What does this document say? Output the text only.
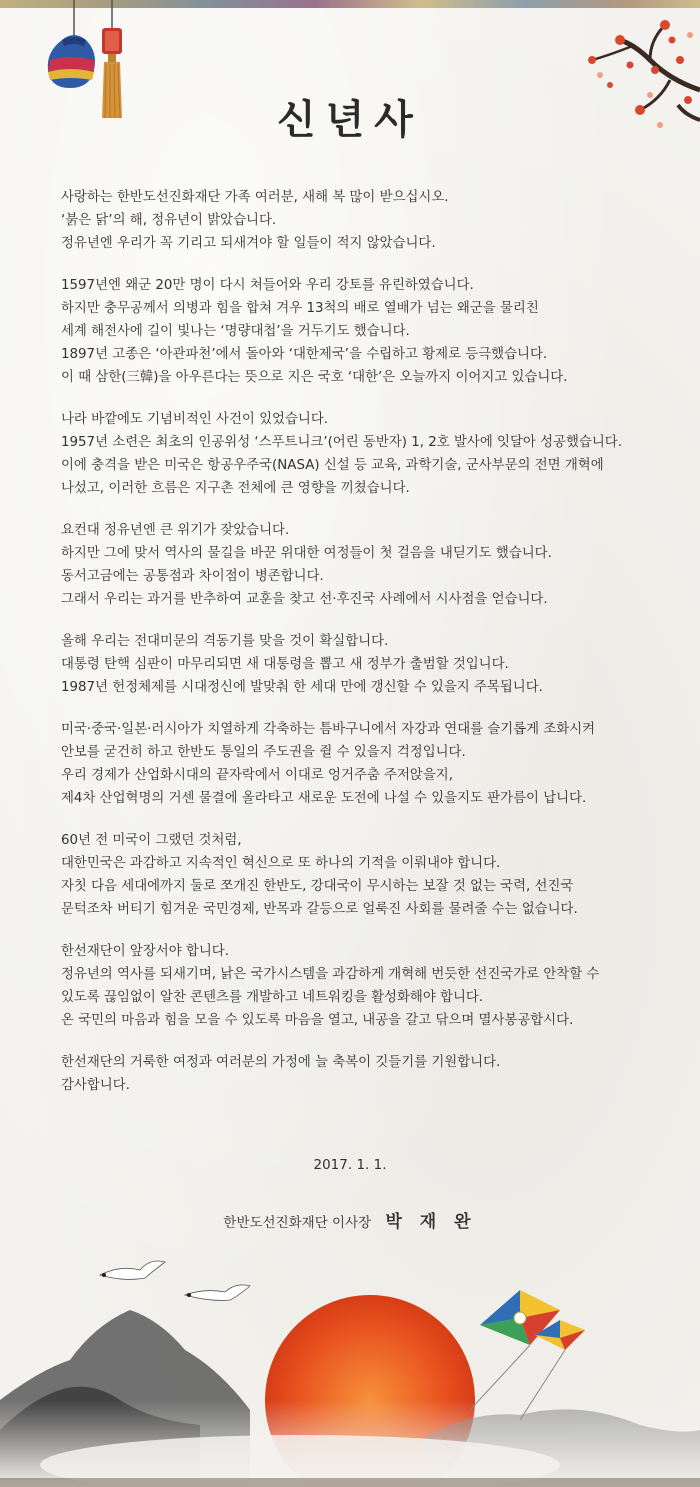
신년사

사랑하는 한반도선진화재단 가족 여러분, 새해 복 많이 받으십시오.
‘붉은 닭’의 해, 정유년이 밝았습니다.
정유년엔 우리가 꼭 기리고 되새겨야 할 일들이 적지 않았습니다.

1597년엔 왜군 20만 명이 다시 쳐들어와 우리 강토를 유린하였습니다.
하지만 충무공께서 의병과 힘을 합쳐 겨우 13척의 배로 열배가 넘는 왜군을 물리친
세계 해전사에 길이 빛나는 ‘명량대첩’을 거두기도 했습니다.
1897년 고종은 ‘아관파천’에서 돌아와 ‘대한제국’을 수립하고 황제로 등극했습니다.
이 때 삼한(三韓)을 아우른다는 뜻으로 지은 국호 ‘대한’은 오늘까지 이어지고 있습니다.

나라 바깥에도 기념비적인 사건이 있었습니다.
1957년 소련은 최초의 인공위성 ‘스푸트니크’(어린 동반자) 1, 2호 발사에 잇달아 성공했습니다.
이에 충격을 받은 미국은 항공우주국(NASA) 신설 등 교육, 과학기술, 군사부문의 전면 개혁에
나섰고, 이러한 흐름은 지구촌 전체에 큰 영향을 끼쳤습니다.

요컨대 정유년엔 큰 위기가 잦았습니다.
하지만 그에 맞서 역사의 물길을 바꾼 위대한 여정들이 첫 걸음을 내딛기도 했습니다.
동서고금에는 공통점과 차이점이 병존합니다.
그래서 우리는 과거를 반추하여 교훈을 찾고 선·후진국 사례에서 시사점을 얻습니다.

올해 우리는 전대미문의 격동기를 맞을 것이 확실합니다.
대통령 탄핵 심판이 마무리되면 새 대통령을 뽑고 새 정부가 출범할 것입니다.
1987년 헌정체제를 시대정신에 발맞춰 한 세대 만에 갱신할 수 있을지 주목됩니다.

미국·중국·일본·러시아가 치열하게 각축하는 틈바구니에서 자강과 연대를 슬기롭게 조화시켜
안보를 굳건히 하고 한반도 통일의 주도권을 쥘 수 있을지 걱정입니다.
우리 경제가 산업화시대의 끝자락에서 이대로 엉거주춤 주저앉을지,
제4차 산업혁명의 거센 물결에 올라타고 새로운 도전에 나설 수 있을지도 판가름이 납니다.

60년 전 미국이 그랬던 것처럼,
대한민국은 과감하고 지속적인 혁신으로 또 하나의 기적을 이뤄내야 합니다.
자칫 다음 세대에까지 둘로 쪼개진 한반도, 강대국이 무시하는 보잘 것 없는 국력, 선진국
문턱조차 버티기 힘겨운 국민경제, 반목과 갈등으로 얼룩진 사회를 물려줄 수는 없습니다.

한선재단이 앞장서야 합니다.
정유년의 역사를 되새기며, 낡은 국가시스템을 과감하게 개혁해 번듯한 선진국가로 안착할 수
있도록 끊임없이 알찬 콘텐츠를 개발하고 네트워킹을 활성화해야 합니다.
온 국민의 마음과 힘을 모을 수 있도록 마음을 열고, 내공을 갈고 닦으며 멸사봉공합시다.

한선재단의 거룩한 여정과 여러분의 가정에 늘 축복이 깃들기를 기원합니다.
감사합니다.

2017. 1. 1.
한반도선진화재단 이사장 박 재 완
